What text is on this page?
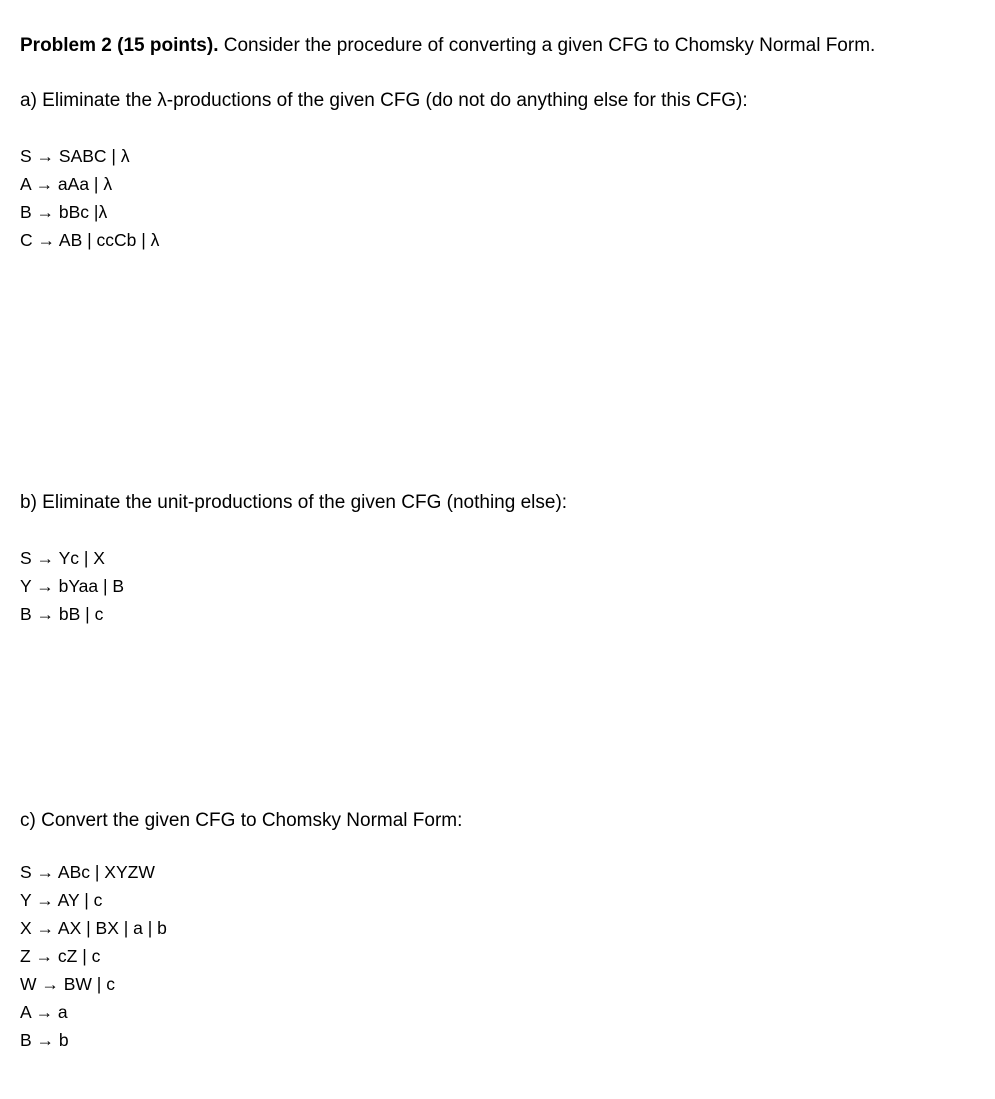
Problem 2 (15 points). Consider the procedure of converting a given CFG to Chomsky Normal Form.
a) Eliminate the λ-productions of the given CFG (do not do anything else for this CFG):
S → SABC | λ
A → aAa | λ
B → bBc |λ
C → AB | ccCb | λ
b) Eliminate the unit-productions of the given CFG (nothing else):
S → Yc | X
Y → bYaa | B
B → bB | c
c) Convert the given CFG to Chomsky Normal Form:
S → ABc | XYZW
Y → AY | c
X → AX | BX | a | b
Z → cZ | c
W → BW | c
A → a
B → b
